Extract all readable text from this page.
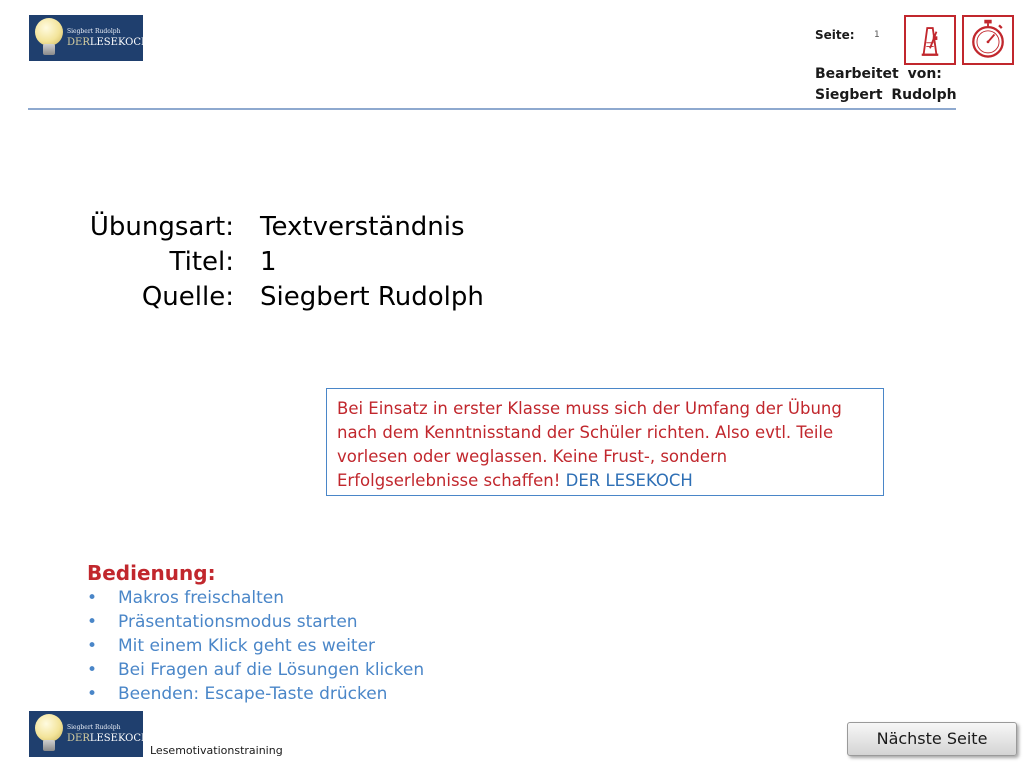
Siegbert Rudolph
DERLESEKOCH	Seite: 1
Bearbeitet von:
Siegbert Rudolph
Übungsart:
Titel:
Quelle:
Textverständnis
1
Siegbert Rudolph
Bei Einsatz in erster Klasse muss sich der Umfang der Übung nach dem Kenntnisstand der Schüler richten. Also evtl. Teile vorlesen oder weglassen. Keine Frust-, sondern Erfolgserlebnisse schaffen! DER LESEKOCH
Bedienung:
• Makros freischalten
• Präsentationsmodus starten
• Mit einem Klick geht es weiter
• Bei Fragen auf die Lösungen klicken
• Beenden: Escape-Taste drücken
Siegbert Rudolph
DERLESEKOCH
Lesemotivationstraining
Nächste Seite
